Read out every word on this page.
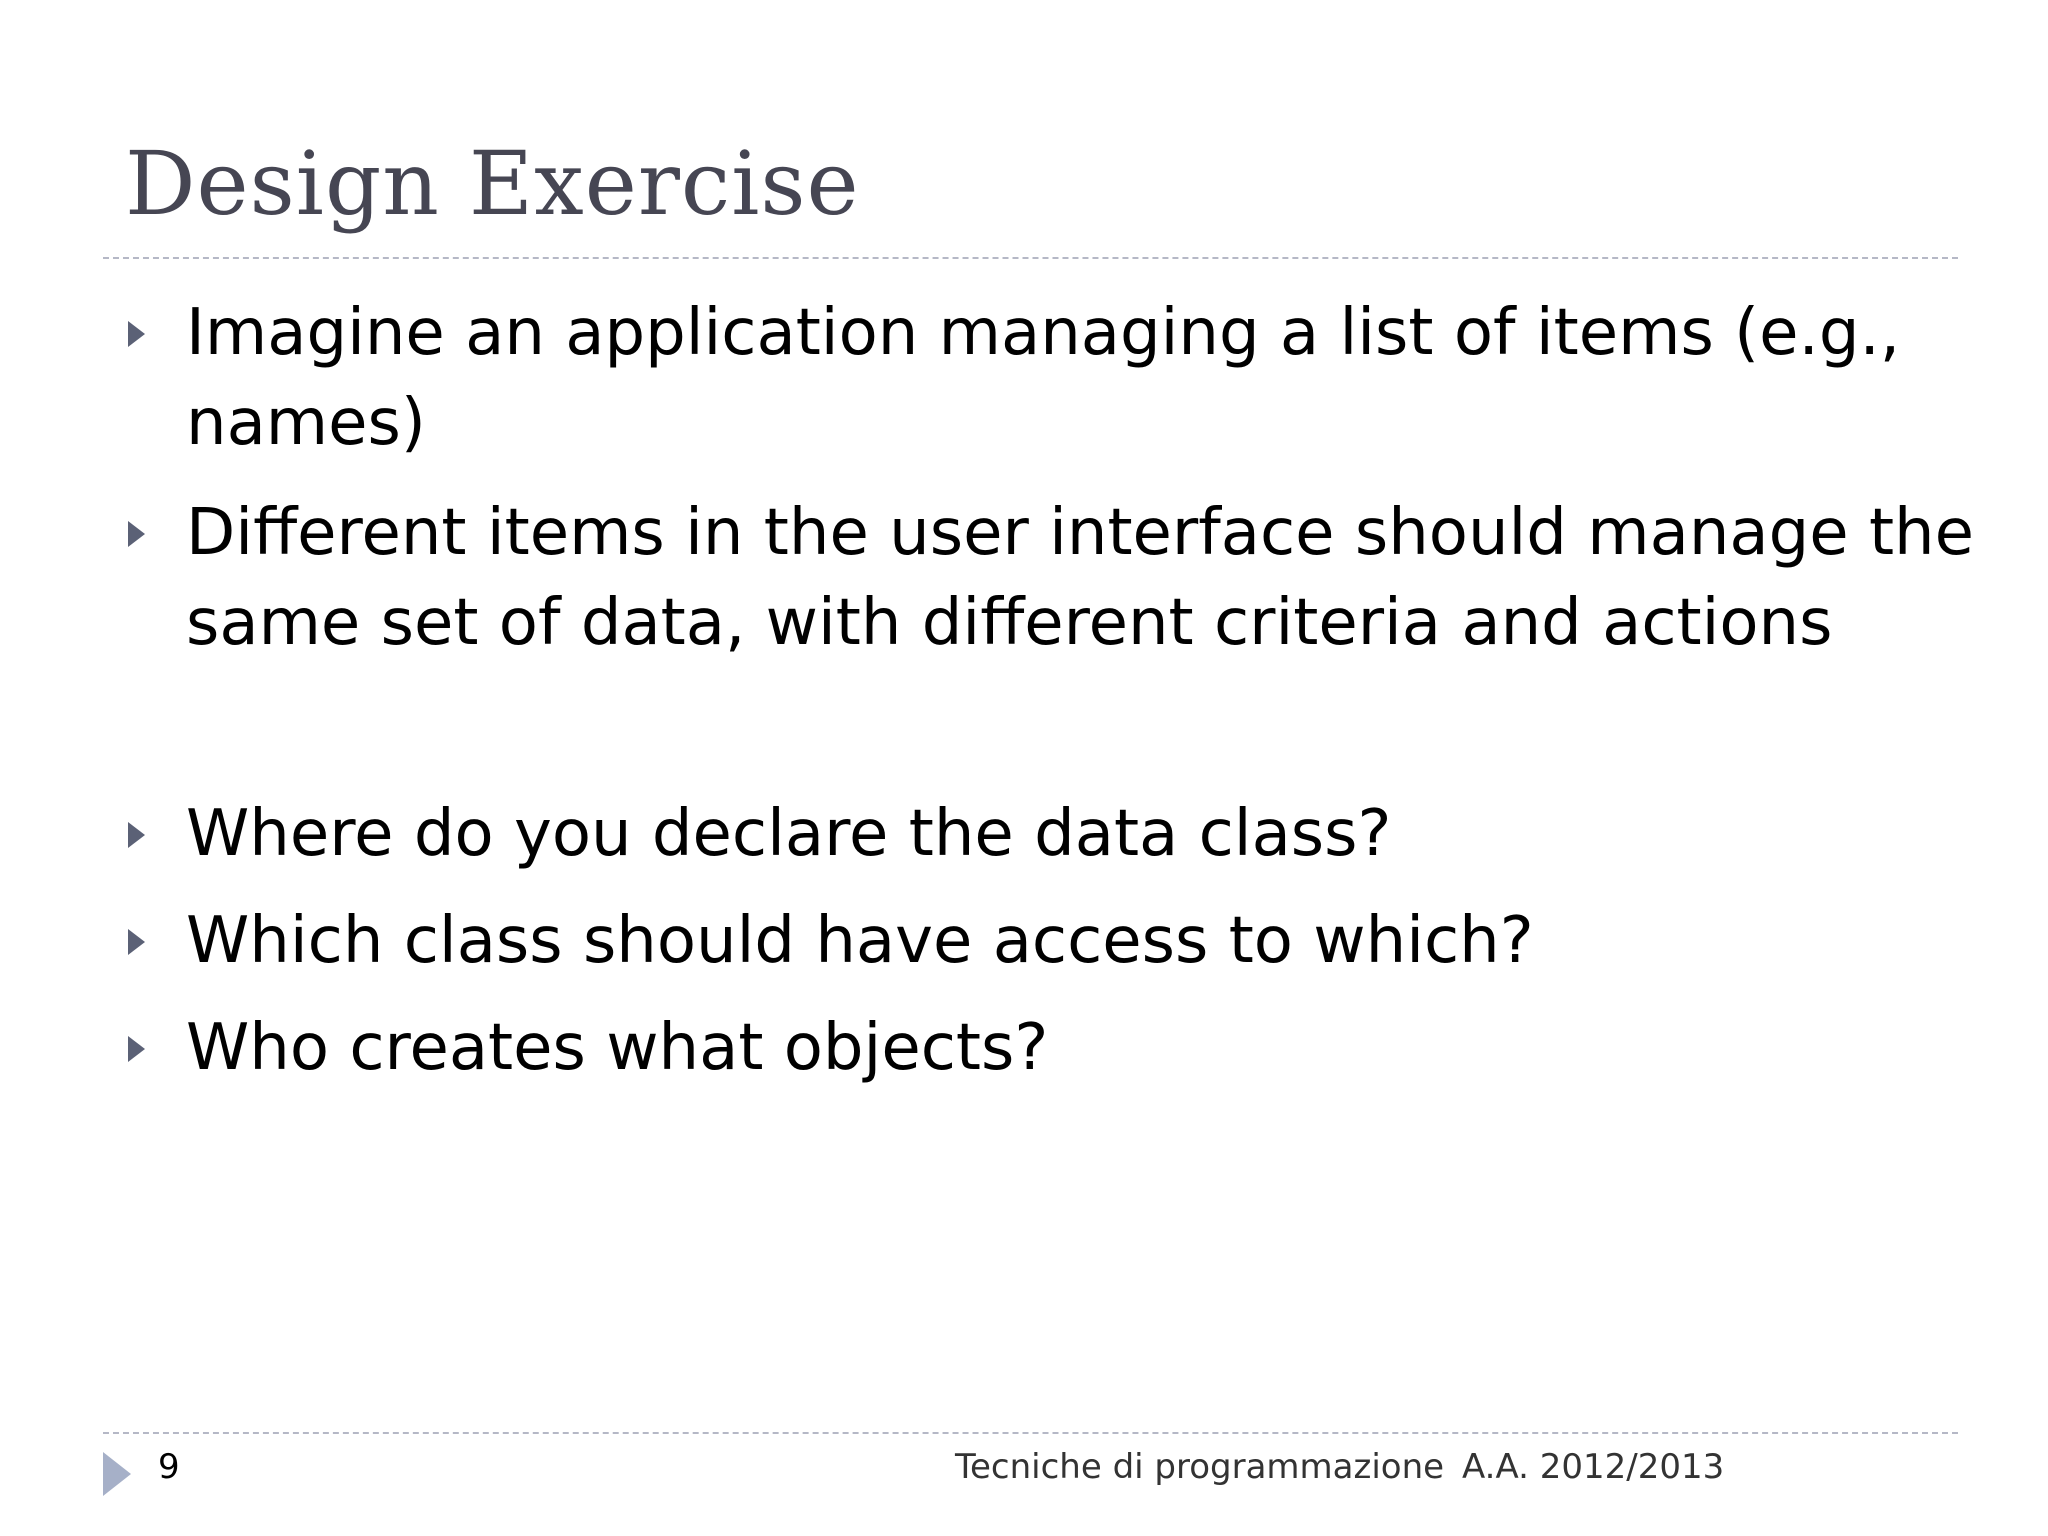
Design Exercise
Imagine an application managing a list of items (e.g.,
names)
Different items in the user interface should manage the
same set of data, with different criteria and actions
Where do you declare the data class?
Which class should have access to which?
Who creates what objects?
9	Tecniche di programmazione A.A. 2012/2013
